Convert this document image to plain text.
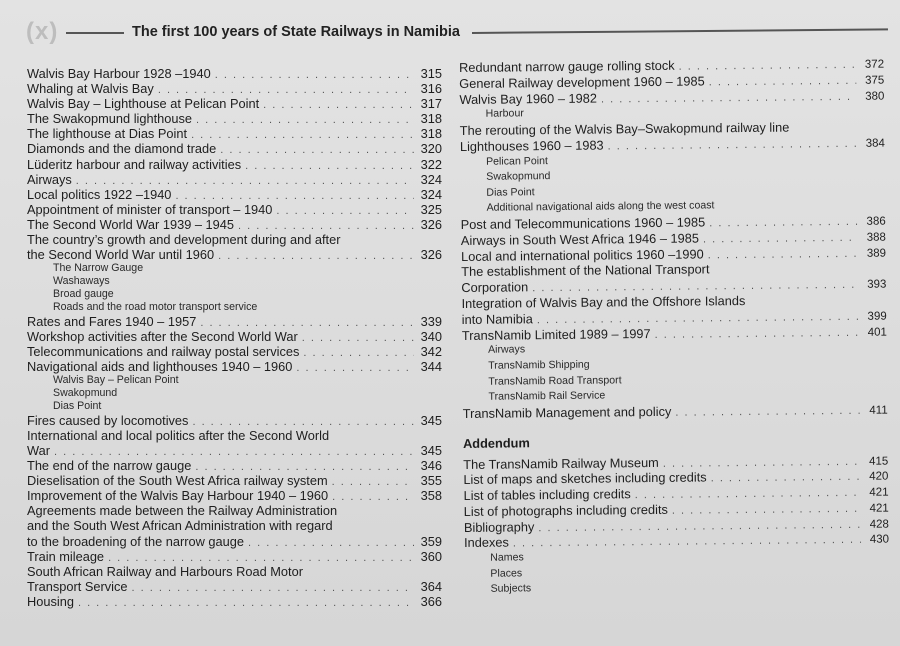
(x)	The first 100 years of State Railways in Namibia
Walvis Bay Harbour 1928 –1940 . . .	315
Whaling at Walvis Bay . . .	316
Walvis Bay – Lighthouse at Pelican Point . . .	317
The Swakopmund lighthouse . . .	318
The lighthouse at Dias Point . . .	318
Diamonds and the diamond trade . . .	320
Lüderitz harbour and railway activities . . .	322
Airways . . .	324
Local politics 1922 –1940 . . .	324
Appointment of minister of transport – 1940 . . .	325
The Second World War 1939 – 1945 . . .	326
The country’s growth and development during and after
the Second World War until 1960 . . .	326
The Narrow Gauge
Washaways
Broad gauge
Roads and the road motor transport service
Rates and Fares 1940 – 1957 . . .	339
Workshop activities after the Second World War . . .	340
Telecommunications and railway postal services . . .	342
Navigational aids and lighthouses 1940 – 1960 . . .	344
Walvis Bay – Pelican Point
Swakopmund
Dias Point
Fires caused by locomotives . . .	345
International and local politics after the Second World
War . . .	345
The end of the narrow gauge . . .	346
Dieselisation of the South West Africa railway system . . .	355
Improvement of the Walvis Bay Harbour 1940 – 1960 . . .	358
Agreements made between the Railway Administration
and the South West African Administration with regard
to the broadening of the narrow gauge . . .	359
Train mileage . . .	360
South African Railway and Harbours Road Motor
Transport Service . . .	364
Housing . . .	366
Redundant narrow gauge rolling stock . . .	372
General Railway development 1960 – 1985 . . .	375
Walvis Bay 1960 – 1982 . . .	380
Harbour
The rerouting of the Walvis Bay–Swakopmund railway line
Lighthouses 1960 – 1983 . . .	384
Pelican Point
Swakopmund
Dias Point
Additional navigational aids along the west coast
Post and Telecommunications 1960 – 1985 . . .	386
Airways in South West Africa 1946 – 1985 . . .	388
Local and international politics 1960 –1990 . . .	389
The establishment of the National Transport
Corporation . . .	393
Integration of Walvis Bay and the Offshore Islands
into Namibia . . .	399
TransNamib Limited 1989 – 1997 . . .	401
Airways
TransNamib Shipping
TransNamib Road Transport
TransNamib Rail Service
TransNamib Management and policy . . .	411
Addendum
The TransNamib Railway Museum . . .	415
List of maps and sketches including credits . . .	420
List of tables including credits . . .	421
List of photographs including credits . . .	421
Bibliography . . .	428
Indexes . . .	430
Names
Places
Subjects
